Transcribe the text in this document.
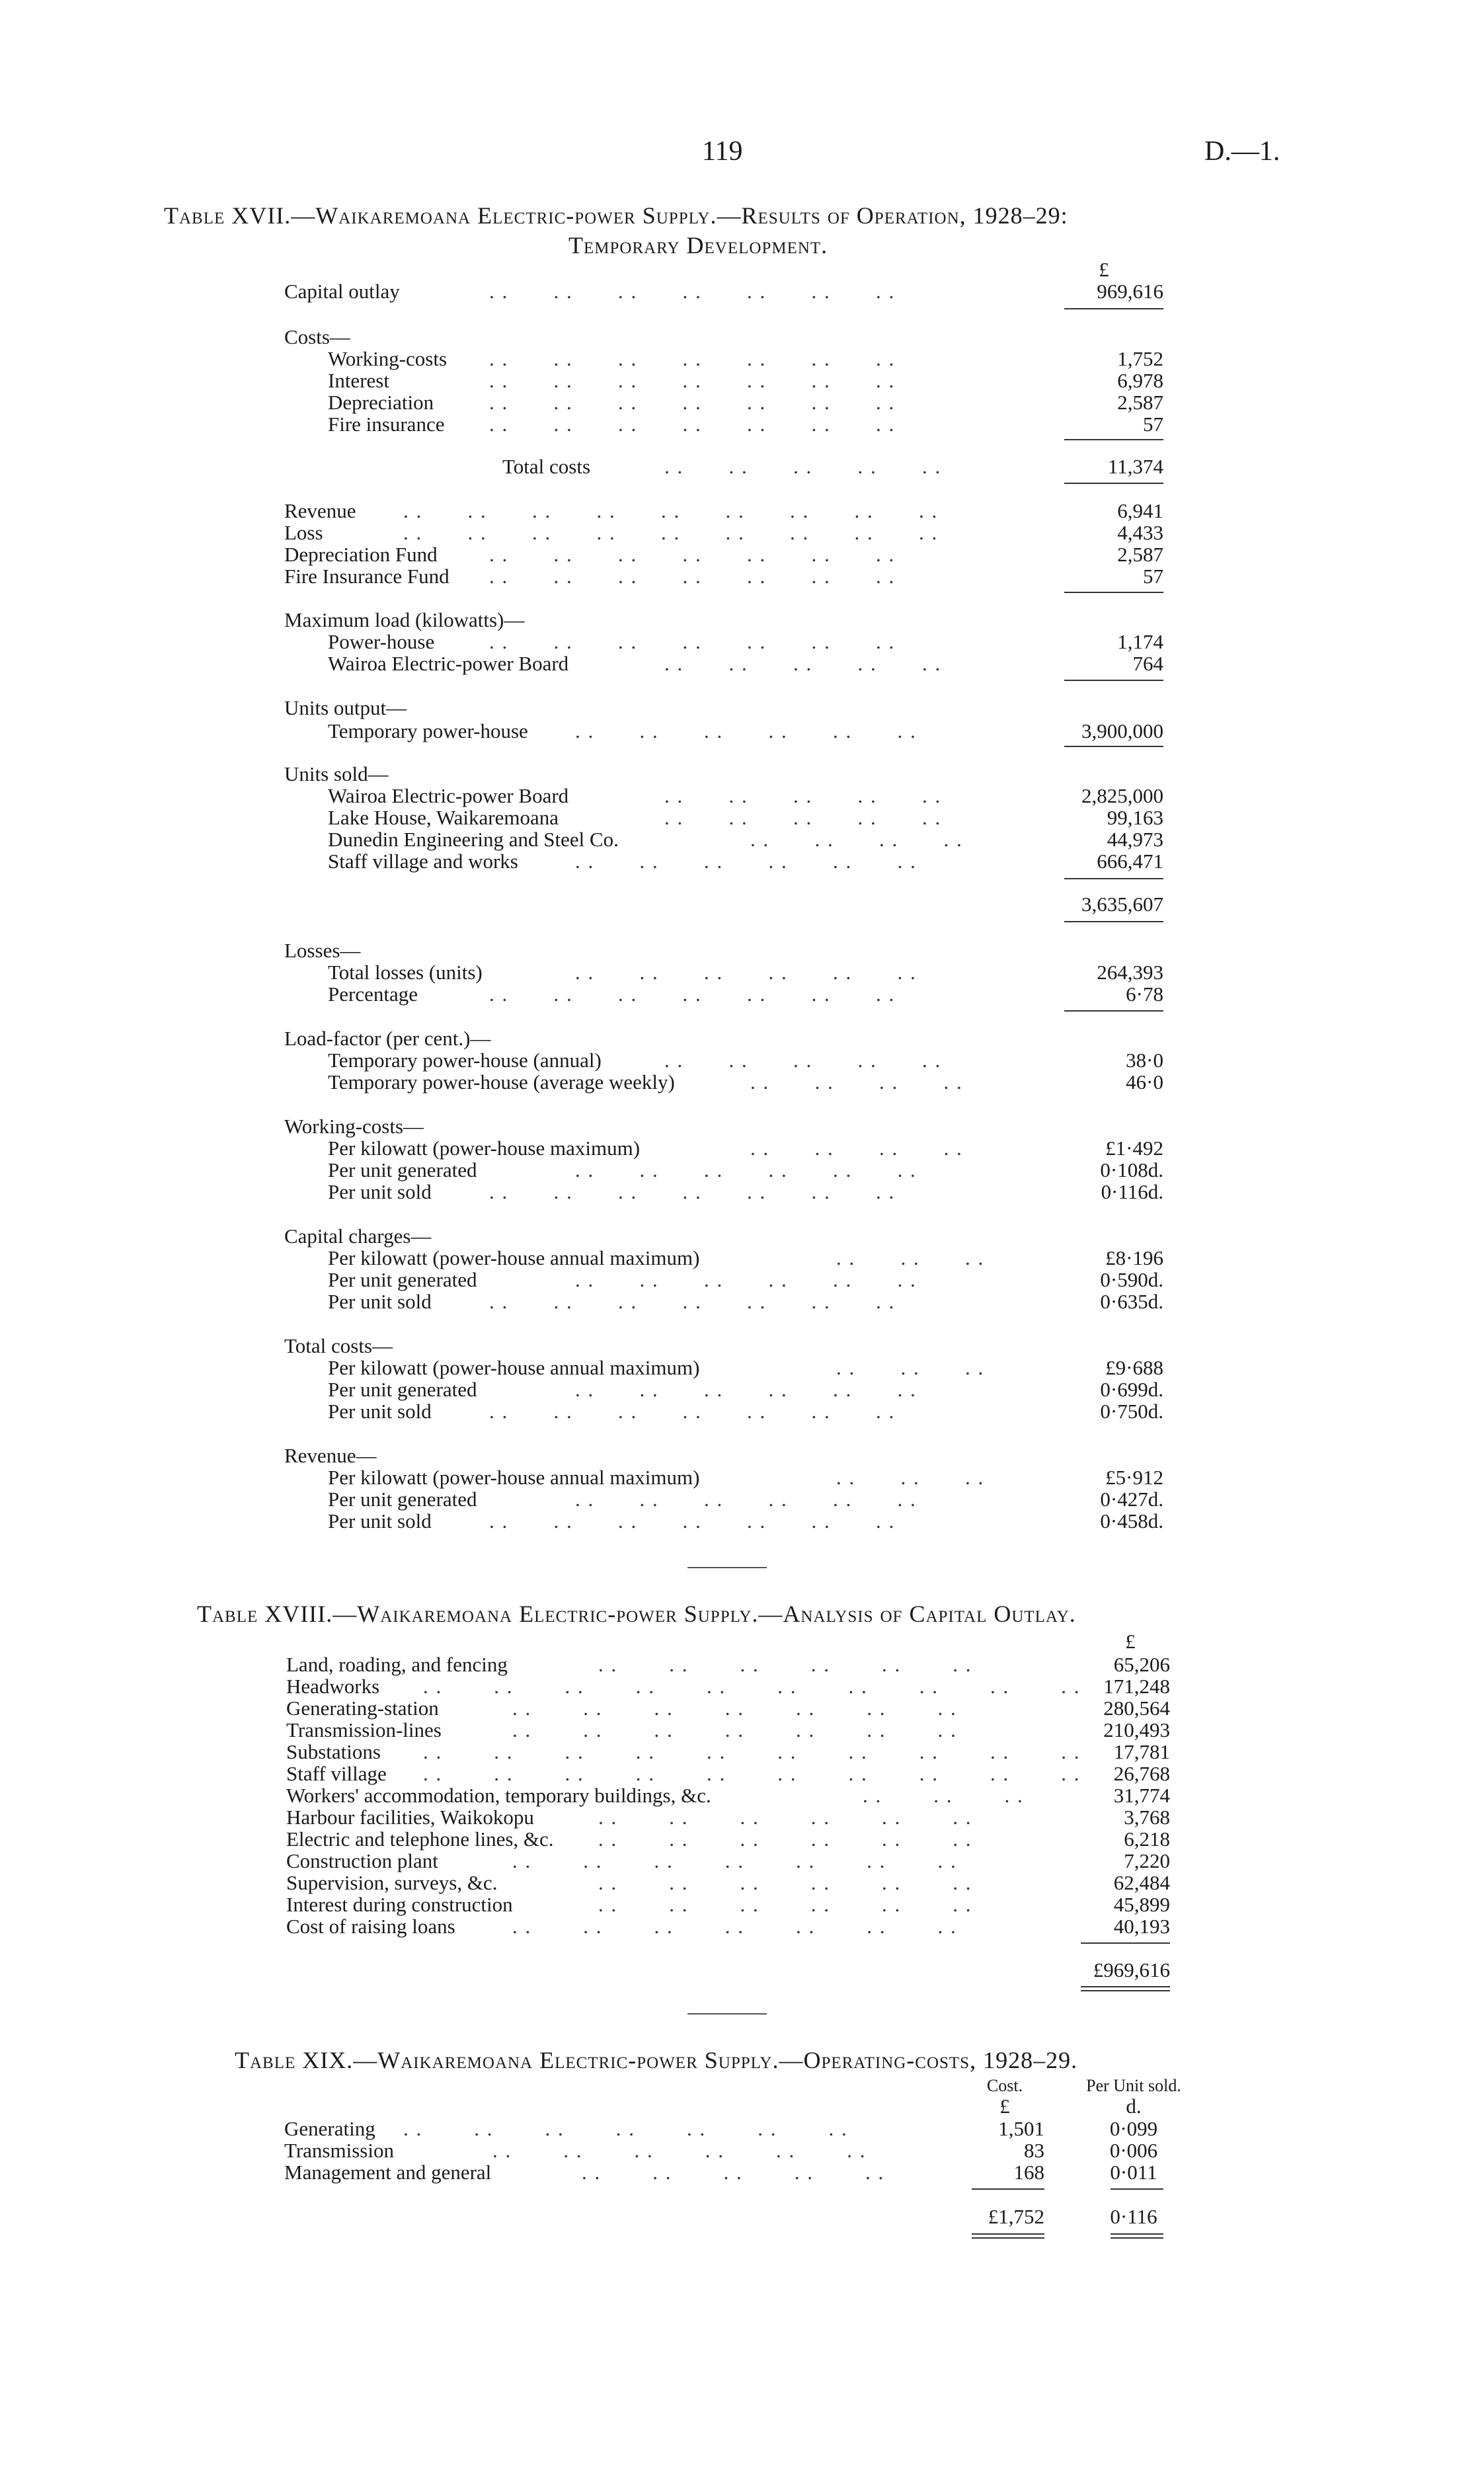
119	D.—1.
Table XVII.—Waikaremoana Electric-power Supply.—Results of Operation, 1928–29:
Temporary Development.
£
Capital outlay	. .       . .       . .       . .       . .       . .       . .	969,616
Costs—
Working-costs . .       . .       . .       . .       . .       . .       . .	1,752
Interest	. .       . .       . .       . .       . .       . .       . .	6,978
Depreciation	. .       . .       . .       . .       . .       . .       . .	2,587
Fire insurance . .       . .       . .       . .       . .       . .       . .	57
Total costs	. .       . .       . .       . .       . .	11,374
Revenue . .       . .       . .       . .       . .       . .       . .       . .       . .	6,941
Loss	. .       . .       . .       . .       . .       . .       . .       . .       . .	4,433
Depreciation Fund	. .       . .       . .       . .       . .       . .       . .	2,587
Fire Insurance Fund . .       . .       . .       . .       . .       . .       . .	57
Maximum load (kilowatts)—
Power-house	. .       . .       . .       . .       . .       . .       . .	1,174
Wairoa Electric-power Board	. .       . .       . .       . .       . .	764
Units output—
Temporary power-house . .       . .       . .       . .       . .       . .	3,900,000
Units sold—
Wairoa Electric-power Board	. .       . .       . .       . .       . .	2,825,000
Lake House, Waikaremoana	. .       . .       . .       . .       . .	99,163
Dunedin Engineering and Steel Co.	. .       . .       . .       . .	44,973
Staff village and works	. .       . .       . .       . .       . .       . .	666,471
3,635,607
Losses—
Total losses (units)	. .       . .       . .       . .       . .       . .	264,393
Percentage	. .       . .       . .       . .       . .       . .       . .	6·78
Load-factor (per cent.)—
Temporary power-house (annual)	. .       . .       . .       . .       . .	38·0
Temporary power-house (average weekly)	. .       . .       . .       . .	46·0
Working-costs—
Per kilowatt (power-house maximum)	. .       . .       . .       . .	£1·492
Per unit generated	. .       . .       . .       . .       . .       . .	0·108d.
Per unit sold	. .       . .       . .       . .       . .       . .       . .	0·116d.
Capital charges—
Per kilowatt (power-house annual maximum)	. .       . .       . .	£8·196
Per unit generated	. .       . .       . .       . .       . .       . .	0·590d.
Per unit sold	. .       . .       . .       . .       . .       . .       . .	0·635d.
Total costs—
Per kilowatt (power-house annual maximum)	. .       . .       . .	£9·688
Per unit generated	. .       . .       . .       . .       . .       . .	0·699d.
Per unit sold	. .       . .       . .       . .       . .       . .       . .	0·750d.
Revenue—
Per kilowatt (power-house annual maximum)	. .       . .       . .	£5·912
Per unit generated	. .       . .       . .       . .       . .       . .	0·427d.
Per unit sold	. .       . .       . .       . .       . .       . .       . .	0·458d.
Table XVIII.—Waikaremoana Electric-power Supply.—Analysis of Capital Outlay.
£
Land, roading, and fencing	. .        . .        . .        . .        . .        . .	65,206
Headworks . .        . .        . .        . .        . .        . .        . .        . .        . .        . .	171,248
Generating-station	. .        . .        . .        . .        . .        . .        . .	280,564
Transmission-lines	. .        . .        . .        . .        . .        . .        . .	210,493
Substations . .        . .        . .        . .        . .        . .        . .        . .        . .        . .	17,781
Staff village . .        . .        . .        . .        . .        . .        . .        . .        . .        . .	26,768
Workers' accommodation, temporary buildings, &c.	. .        . .        . .	31,774
Harbour facilities, Waikokopu	. .        . .        . .        . .        . .        . .	3,768
Electric and telephone lines, &c. . .        . .        . .        . .        . .        . .	6,218
Construction plant	. .        . .        . .        . .        . .        . .        . .	7,220
Supervision, surveys, &c.	. .        . .        . .        . .        . .        . .	62,484
Interest during construction	. .        . .        . .        . .        . .        . .	45,899
Cost of raising loans	. .        . .        . .        . .        . .        . .        . .	40,193
£969,616
Table XIX.—Waikaremoana Electric-power Supply.—Operating-costs, 1928–29.
Cost.	Per Unit sold.
£	d.
Generating . .        . .        . .        . .        . .        . .        . .	1,501	0·099
Transmission	. .        . .        . .        . .        . .        . .	83	0·006
Management and general	. .        . .        . .        . .        . .	168	0·011
£1,752	0·116
